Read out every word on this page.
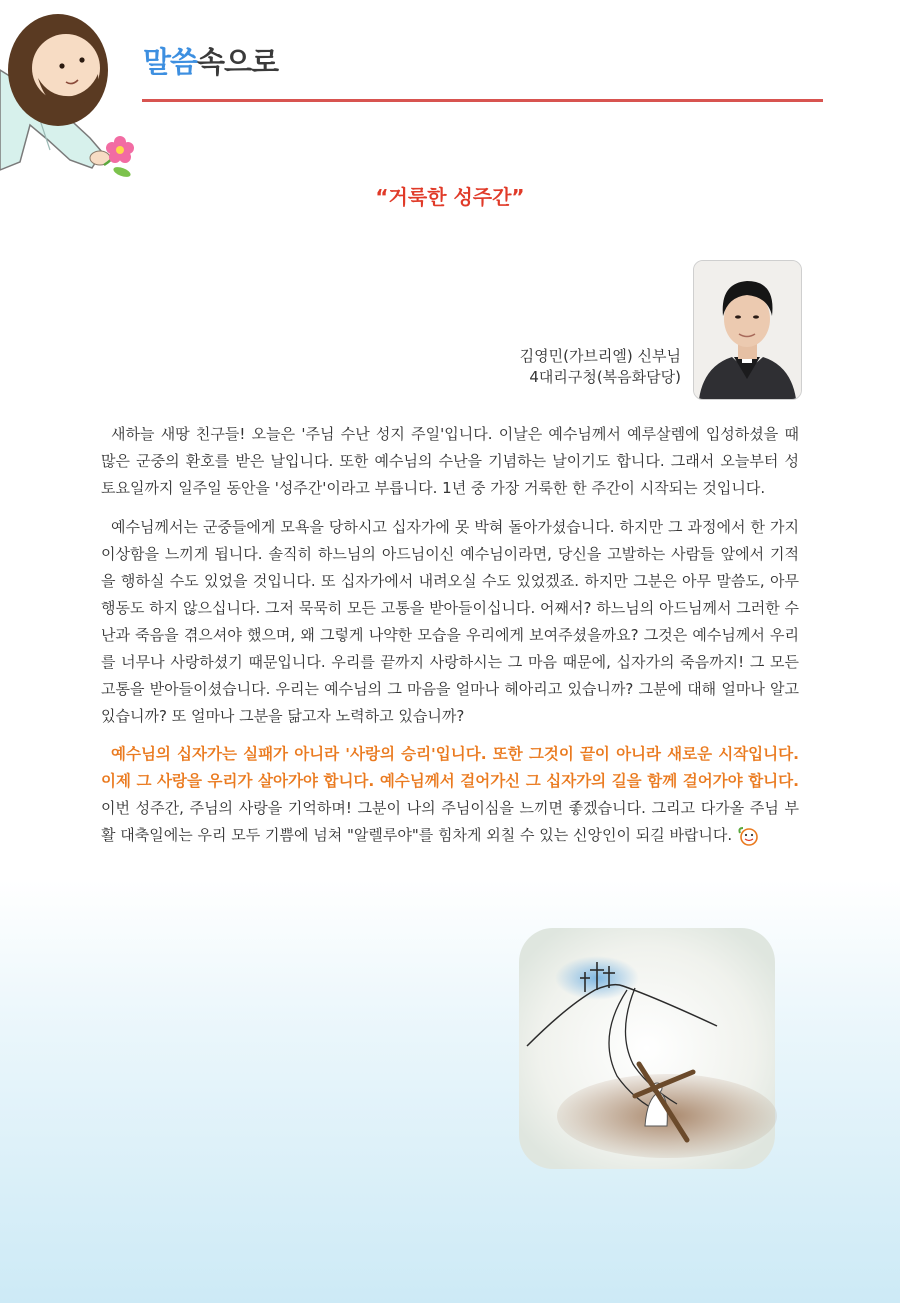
말씀속으로
“거룩한 성주간”
김영민(가브리엘) 신부님
4대리구청(복음화담당)

새하늘 새땅 친구들! 오늘은 '주님 수난 성지 주일'입니다. 이날은 예수님께서 예루살렘에 입성하셨을 때 많은 군중의 환호를 받은 날입니다. 또한 예수님의 수난을 기념하는 날이기도 합니다. 그래서 오늘부터 성 토요일까지 일주일 동안을 '성주간'이라고 부릅니다. 1년 중 가장 거룩한 한 주간이 시작되는 것입니다.

예수님께서는 군중들에게 모욕을 당하시고 십자가에 못 박혀 돌아가셨습니다. 하지만 그 과정에서 한 가지 이상함을 느끼게 됩니다. 솔직히 하느님의 아드님이신 예수님이라면, 당신을 고발하는 사람들 앞에서 기적을 행하실 수도 있었을 것입니다. 또 십자가에서 내려오실 수도 있었겠죠. 하지만 그분은 아무 말씀도, 아무 행동도 하지 않으십니다. 그저 묵묵히 모든 고통을 받아들이십니다. 어째서? 하느님의 아드님께서 그러한 수난과 죽음을 겪으셔야 했으며, 왜 그렇게 나약한 모습을 우리에게 보여주셨을까요? 그것은 예수님께서 우리를 너무나 사랑하셨기 때문입니다. 우리를 끝까지 사랑하시는 그 마음 때문에, 십자가의 죽음까지! 그 모든 고통을 받아들이셨습니다. 우리는 예수님의 그 마음을 얼마나 헤아리고 있습니까? 그분에 대해 얼마나 알고 있습니까? 또 얼마나 그분을 닮고자 노력하고 있습니까?

예수님의 십자가는 실패가 아니라 '사랑의 승리'입니다. 또한 그것이 끝이 아니라 새로운 시작입니다. 이제 그 사랑을 우리가 살아가야 합니다. 예수님께서 걸어가신 그 십자가의 길을 함께 걸어가야 합니다. 이번 성주간, 주님의 사랑을 기억하며! 그분이 나의 주님이심을 느끼면 좋겠습니다. 그리고 다가올 주님 부활 대축일에는 우리 모두 기쁨에 넘쳐 "알렐루야"를 힘차게 외칠 수 있는 신앙인이 되길 바랍니다.
